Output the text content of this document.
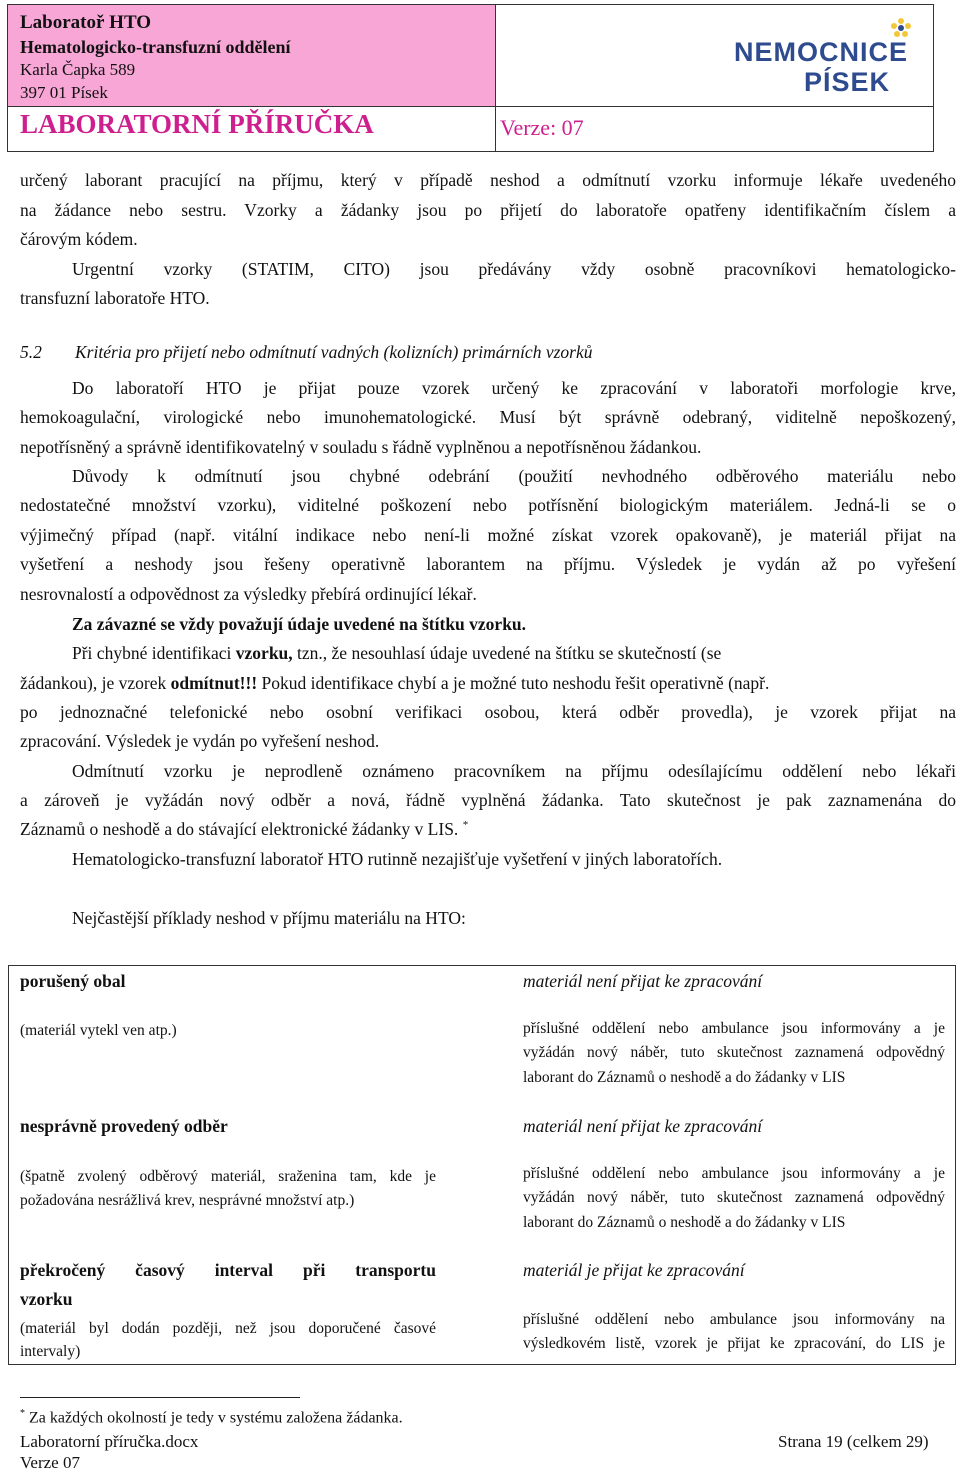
Laboratoř HTO
Hematologicko-transfuzní oddělení
Karla Čapka 589
397 01 Písek
LABORATORNÍ PŘÍRUČKA	Verze: 07
NEMOCNICE
PÍSEK
určený laborant pracující na příjmu, který v případě neshod a odmítnutí vzorku informuje lékaře uvedeného
na žádance nebo sestru. Vzorky a žádanky jsou po přijetí do laboratoře opatřeny identifikačním číslem a
čárovým kódem.
Urgentní vzorky (STATIM, CITO) jsou předávány vždy osobně pracovníkovi hematologicko-
transfuzní laboratoře HTO.
5.2 Kritéria pro přijetí nebo odmítnutí vadných (kolizních) primárních vzorků
Do laboratoří HTO je přijat pouze vzorek určený ke zpracování v laboratoři morfologie krve,
hemokoagulační, virologické nebo imunohematologické. Musí být správně odebraný, viditelně nepoškozený,
nepotřísněný a správně identifikovatelný v souladu s řádně vyplněnou a nepotřísněnou žádankou.
Důvody k odmítnutí jsou chybné odebrání (použití nevhodného odběrového materiálu nebo
nedostatečné množství vzorku), viditelné poškození nebo potřísnění biologickým materiálem. Jedná-li se o
výjimečný případ (např. vitální indikace nebo není-li možné získat vzorek opakovaně), je materiál přijat na
vyšetření a neshody jsou řešeny operativně laborantem na příjmu. Výsledek je vydán až po vyřešení
nesrovnalostí a odpovědnost za výsledky přebírá ordinující lékař.
Za závazné se vždy považují údaje uvedené na štítku vzorku.
Při chybné identifikaci vzorku, tzn., že nesouhlasí údaje uvedené na štítku se skutečností (se
žádankou), je vzorek odmítnut!!! Pokud identifikace chybí a je možné tuto neshodu řešit operativně (např.
po jednoznačné telefonické nebo osobní verifikaci osobou, která odběr provedla), je vzorek přijat na
zpracování. Výsledek je vydán po vyřešení neshod.
Odmítnutí vzorku je neprodleně oznámeno pracovníkem na příjmu odesílajícímu oddělení nebo lékaři
a zároveň je vyžádán nový odběr a nová, řádně vyplněná žádanka. Tato skutečnost je pak zaznamenána do
Záznamů o neshodě a do stávající elektronické žádanky v LIS. *
Hematologicko-transfuzní laboratoř HTO rutinně nezajišťuje vyšetření v jiných laboratořích.
Nejčastější příklady neshod v příjmu materiálu na HTO:
porušený obal
(materiál vytekl ven atp.)
materiál není přijat ke zpracování
příslušné oddělení nebo ambulance jsou informovány a je
vyžádán nový náběr, tuto skutečnost zaznamená odpovědný
laborant do Záznamů o neshodě a do žádanky v LIS
nesprávně provedený odběr
(špatně zvolený odběrový materiál, sraženina tam, kde je
požadována nesrážlivá krev, nesprávné množství atp.)
materiál není přijat ke zpracování
příslušné oddělení nebo ambulance jsou informovány a je
vyžádán nový náběr, tuto skutečnost zaznamená odpovědný
laborant do Záznamů o neshodě a do žádanky v LIS
překročený časový interval při transportu
vzorku
(materiál byl dodán později, než jsou doporučené časové
intervaly)
materiál je přijat ke zpracování
příslušné oddělení nebo ambulance jsou informovány na
výsledkovém listě, vzorek je přijat ke zpracování, do LIS je
* Za každých okolností je tedy v systému založena žádanka.
Laboratorní příručka.docx	Strana 19 (celkem 29)
Verze 07
